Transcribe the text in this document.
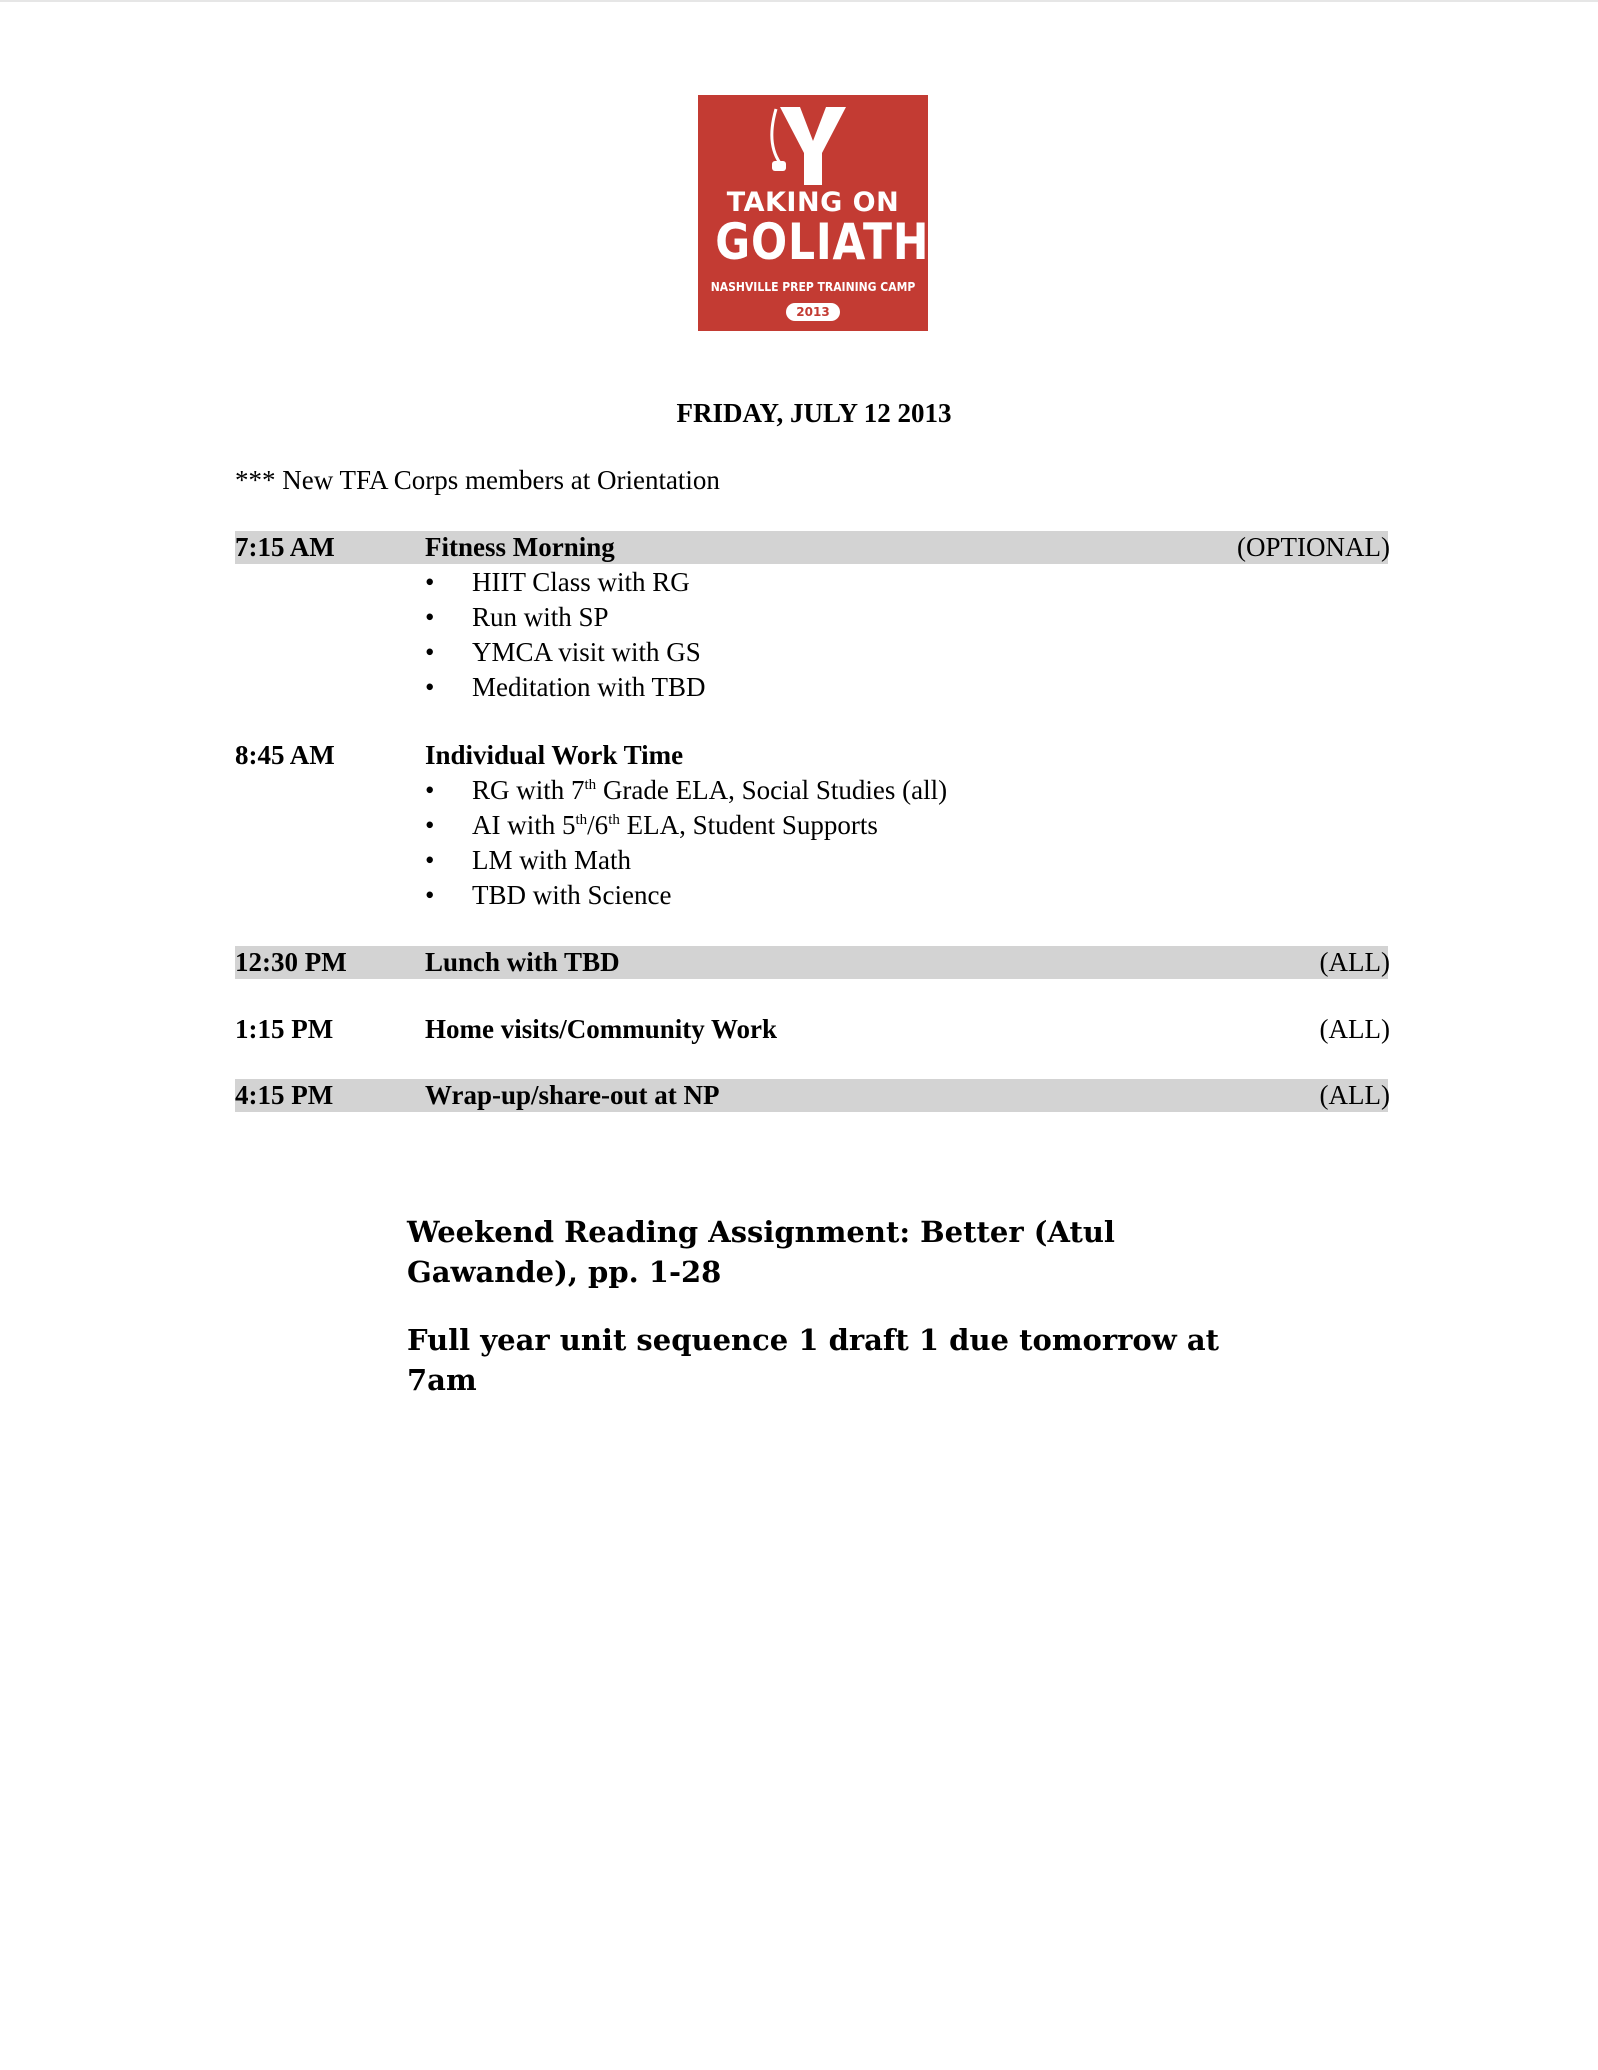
TAKING ON
GOLIATH
NASHVILLE PREP TRAINING CAMP
2013
FRIDAY, JULY 12 2013
*** New TFA Corps members at Orientation
7:15 AM	Fitness Morning	(OPTIONAL)
• HIIT Class with RG
• Run with SP
• YMCA visit with GS
• Meditation with TBD
8:45 AM	Individual Work Time
• RG with 7th Grade ELA, Social Studies (all)
• AI with 5th/6th ELA, Student Supports
• LM with Math
• TBD with Science
12:30 PM	Lunch with TBD	(ALL)
1:15 PM	Home visits/Community Work	(ALL)
4:15 PM	Wrap-up/share-out at NP	(ALL)
Weekend Reading Assignment: Better (Atul Gawande), pp. 1-28
Full year unit sequence 1 draft 1 due tomorrow at 7am
